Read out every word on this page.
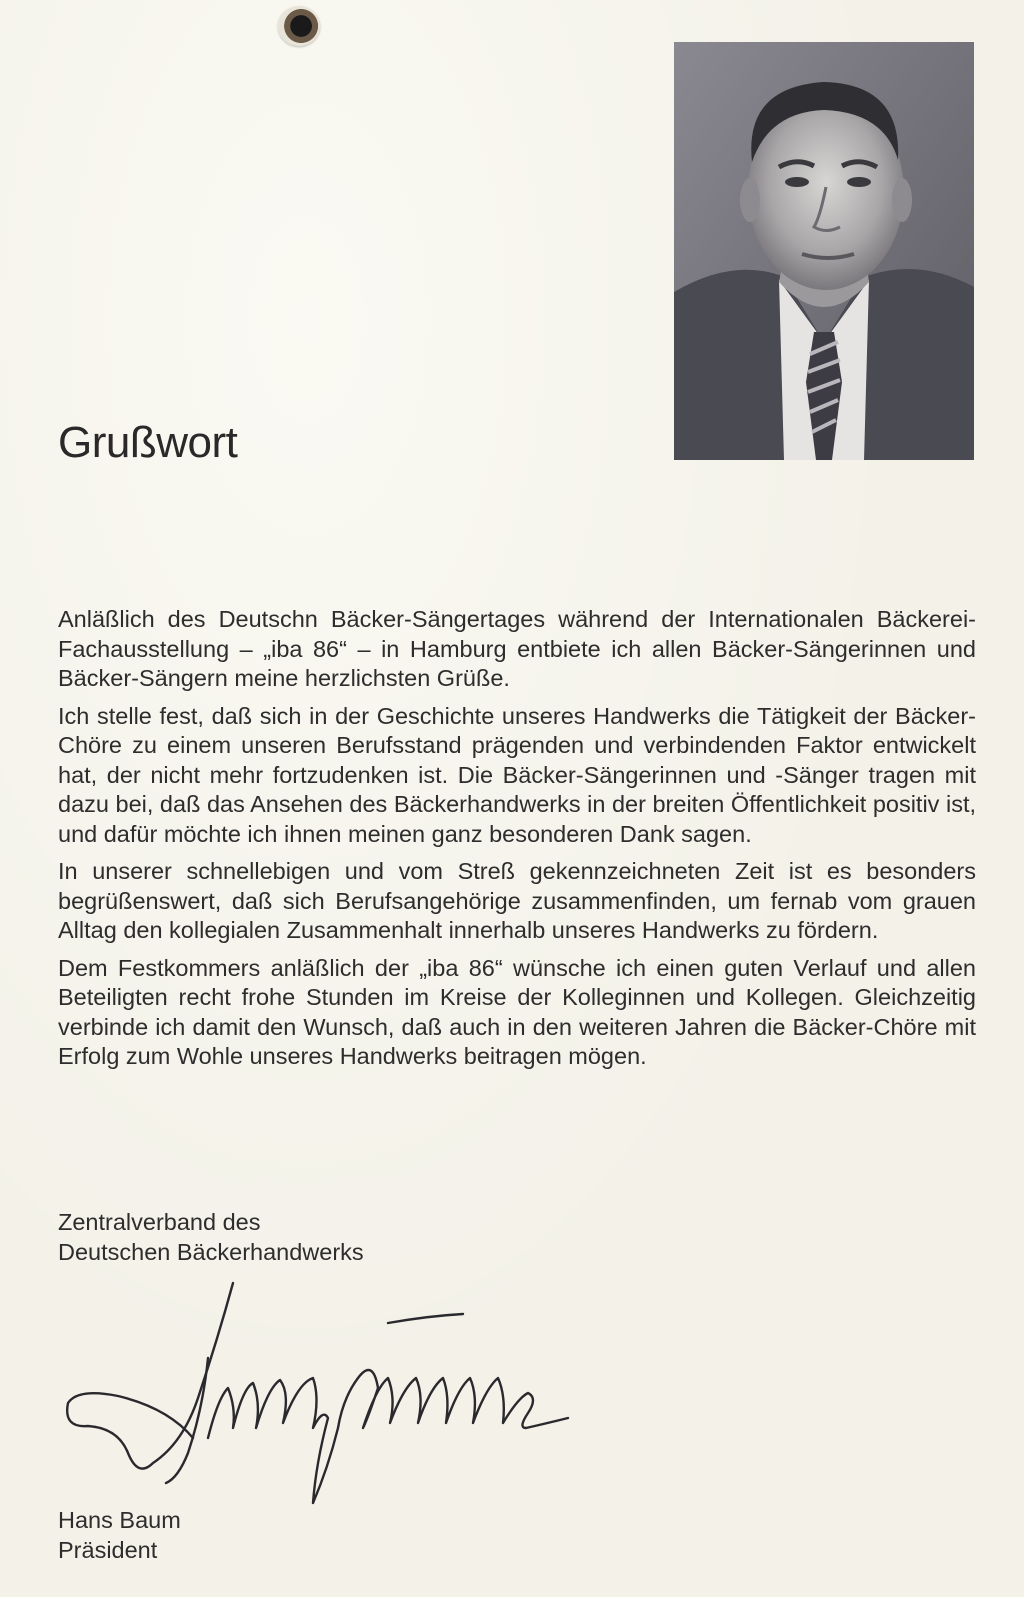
Grußwort

Anläßlich des Deutschn Bäcker-Sängertages während der Internationalen Bäckerei-Fachausstellung – „iba 86“ – in Hamburg entbiete ich allen Bäcker-Sängerinnen und Bäcker-Sängern meine herzlichsten Grüße.

Ich stelle fest, daß sich in der Geschichte unseres Handwerks die Tätigkeit der Bäcker-Chöre zu einem unseren Berufsstand prägenden und verbindenden Faktor entwickelt hat, der nicht mehr fortzudenken ist. Die Bäcker-Sängerinnen und -Sänger tragen mit dazu bei, daß das Ansehen des Bäckerhandwerks in der breiten Öffentlichkeit positiv ist, und dafür möchte ich ihnen meinen ganz besonderen Dank sagen.

In unserer schnellebigen und vom Streß gekennzeichneten Zeit ist es besonders begrüßenswert, daß sich Berufsangehörige zusammenfinden, um fernab vom grauen Alltag den kollegialen Zusammenhalt innerhalb unseres Handwerks zu fördern.

Dem Festkommers anläßlich der „iba 86“ wünsche ich einen guten Verlauf und allen Beteiligten recht frohe Stunden im Kreise der Kolleginnen und Kollegen. Gleichzeitig verbinde ich damit den Wunsch, daß auch in den weiteren Jahren die Bäcker-Chöre mit Erfolg zum Wohle unseres Handwerks beitragen mögen.

Zentralverband des
Deutschen Bäckerhandwerks
Hans Baum
Präsident
